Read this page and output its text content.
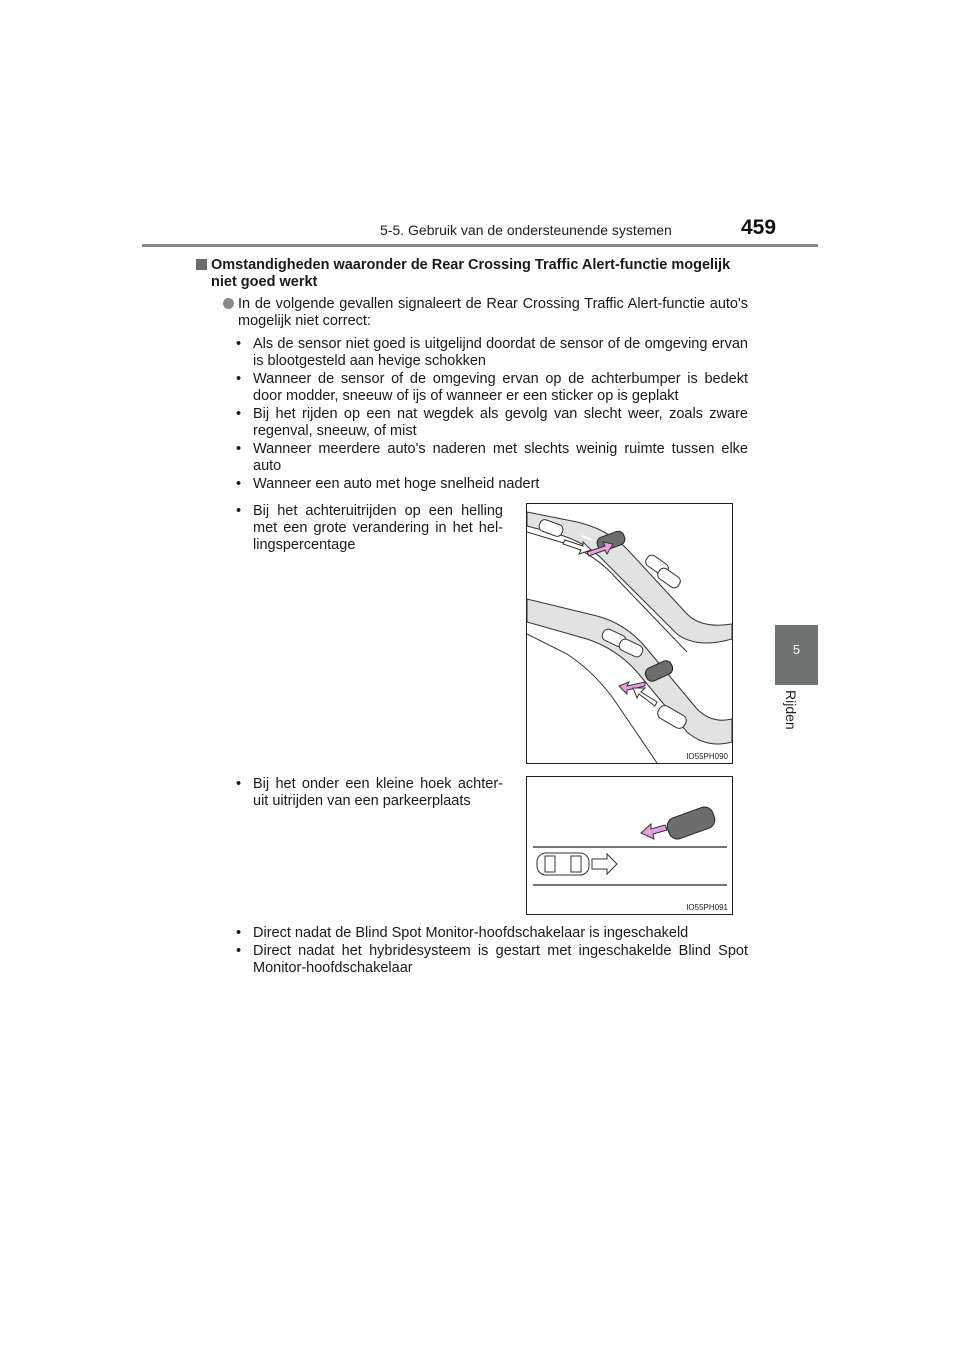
5-5. Gebruik van de ondersteunende systemen	459
5
Rijden
Omstandigheden waaronder de Rear Crossing Traffic Alert-functie mogelijk niet goed werkt
In de volgende gevallen signaleert de Rear Crossing Traffic Alert-functie auto's mogelijk niet correct:
• Als de sensor niet goed is uitgelijnd doordat de sensor of de omgeving ervan is blootgesteld aan hevige schokken
• Wanneer de sensor of de omgeving ervan op de achterbumper is bedekt door modder, sneeuw of ijs of wanneer er een sticker op is geplakt
• Bij het rijden op een nat wegdek als gevolg van slecht weer, zoals zware regenval, sneeuw, of mist
• Wanneer meerdere auto's naderen met slechts weinig ruimte tussen elke auto
• Wanneer een auto met hoge snelheid nadert
• Bij het achteruitrijden op een helling met een grote verandering in het hel- lingspercentage
IO55PH090
• Bij het onder een kleine hoek achter- uit uitrijden van een parkeerplaats
IO55PH091
• Direct nadat de Blind Spot Monitor-hoofdschakelaar is ingeschakeld
• Direct nadat het hybridesysteem is gestart met ingeschakelde Blind Spot Monitor-hoofdschakelaar
